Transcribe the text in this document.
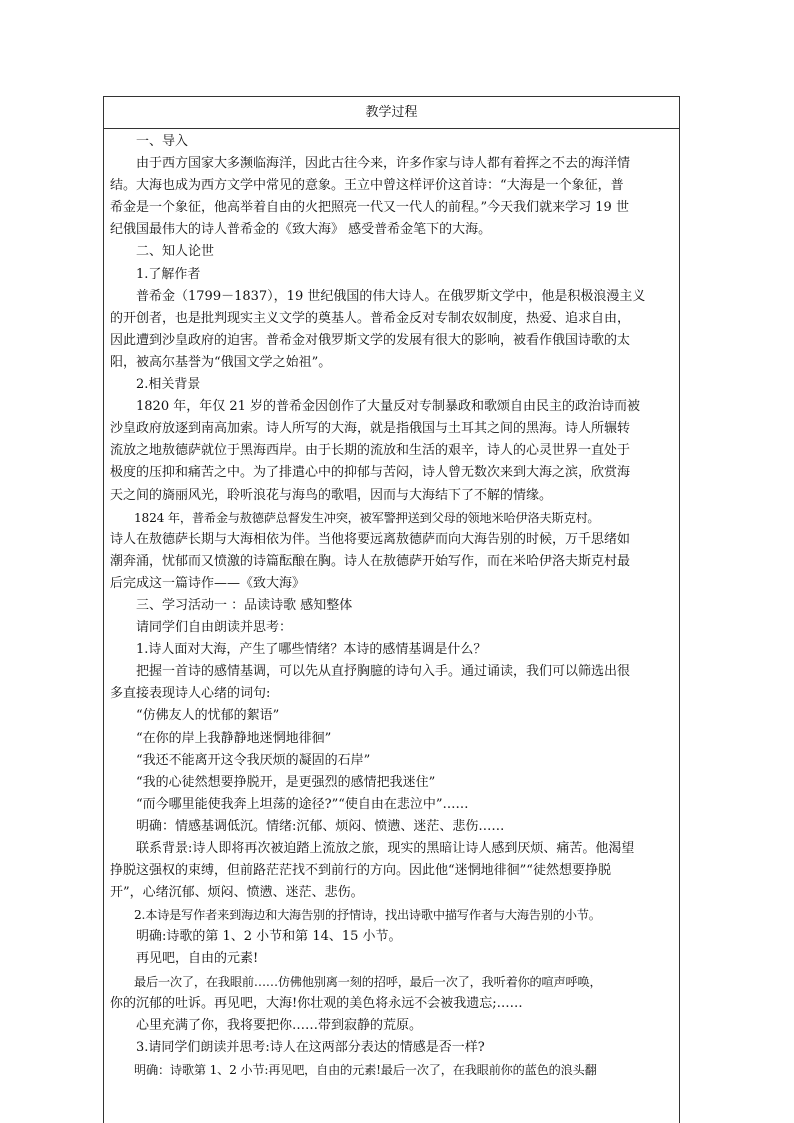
教学过程
　　一、导入
　　由于西方国家大多濒临海洋，因此古往今来，许多作家与诗人都有着挥之不去的海洋情
结。大海也成为西方文学中常见的意象。王立中曾这样评价这首诗：“大海是一个象征，普
希金是一个象征，他高举着自由的火把照亮一代又一代人的前程。”今天我们就来学习 19 世
纪俄国最伟大的诗人普希金的《致大海》 感受普希金笔下的大海。
　　二、知人论世
　　1.了解作者
　　普希金（1799－1837），19 世纪俄国的伟大诗人。在俄罗斯文学中，他是积极浪漫主义
的开创者，也是批判现实主义文学的奠基人。普希金反对专制农奴制度，热爱、追求自由，
因此遭到沙皇政府的迫害。普希金对俄罗斯文学的发展有很大的影响，被看作俄国诗歌的太
阳，被高尔基誉为“俄国文学之始祖”。
　　2.相关背景
　　1820 年，年仅 21 岁的普希金因创作了大量反对专制暴政和歌颂自由民主的政治诗而被
沙皇政府放逐到南高加索。诗人所写的大海，就是指俄国与土耳其之间的黑海。诗人所辗转
流放之地敖德萨就位于黑海西岸。由于长期的流放和生活的艰辛，诗人的心灵世界一直处于
极度的压抑和痛苦之中。为了排遣心中的抑郁与苦闷，诗人曾无数次来到大海之滨，欣赏海
天之间的旖丽风光，聆听浪花与海鸟的歌唱，因而与大海结下了不解的情缘。
　　1824 年，普希金与敖德萨总督发生冲突，被军警押送到父母的领地米哈伊洛夫斯克村。
诗人在敖德萨长期与大海相依为伴。当他将要远离敖德萨而向大海告别的时候，万千思绪如
潮奔涌，忧郁而又愤激的诗篇酝酿在胸。诗人在敖德萨开始写作，而在米哈伊洛夫斯克村最
后完成这一篇诗作——《致大海》
　　三、学习活动一 ：品读诗歌 感知整体
　　请同学们自由朗读并思考：
　　1.诗人面对大海，产生了哪些情绪？本诗的感情基调是什么？
　　把握一首诗的感情基调，可以先从直抒胸臆的诗句入手。通过诵读，我们可以筛选出很
多直接表现诗人心绪的词句:
　　“仿佛友人的忧郁的絮语”
　　“在你的岸上我静静地迷惘地徘徊”
　　“我还不能离开这令我厌烦的凝固的石岸”
　　“我的心徒然想要挣脱开，是更强烈的感情把我迷住”
　　“而今哪里能使我奔上坦荡的途径?”“使自由在悲泣中”……
　　明确：情感基调低沉。情绪:沉郁、烦闷、愤懑、迷茫、悲伤……
　　联系背景:诗人即将再次被迫踏上流放之旅，现实的黑暗让诗人感到厌烦、痛苦。他渴望
挣脱这强权的束缚，但前路茫茫找不到前行的方向。因此他“迷惘地徘徊”“徒然想要挣脱
开”，心绪沉郁、烦闷、愤懑、迷茫、悲伤。
　　2.本诗是写作者来到海边和大海告别的抒情诗，找出诗歌中描写作者与大海告别的小节。
　　明确:诗歌的第 1、2 小节和第 14、15 小节。
　　再见吧，自由的元素!
　　最后一次了，在我眼前……仿佛他别离一刻的招呼，最后一次了，我听着你的喧声呼唤，
你的沉郁的吐诉。再见吧，大海!你壮观的美色将永远不会被我遗忘;……
　　心里充满了你，我将要把你……带到寂静的荒原。
　　3.请同学们朗读并思考:诗人在这两部分表达的情感是否一样?
　　明确：诗歌第 1、2 小节:再见吧，自由的元素!最后一次了，在我眼前你的蓝色的浪头翻
